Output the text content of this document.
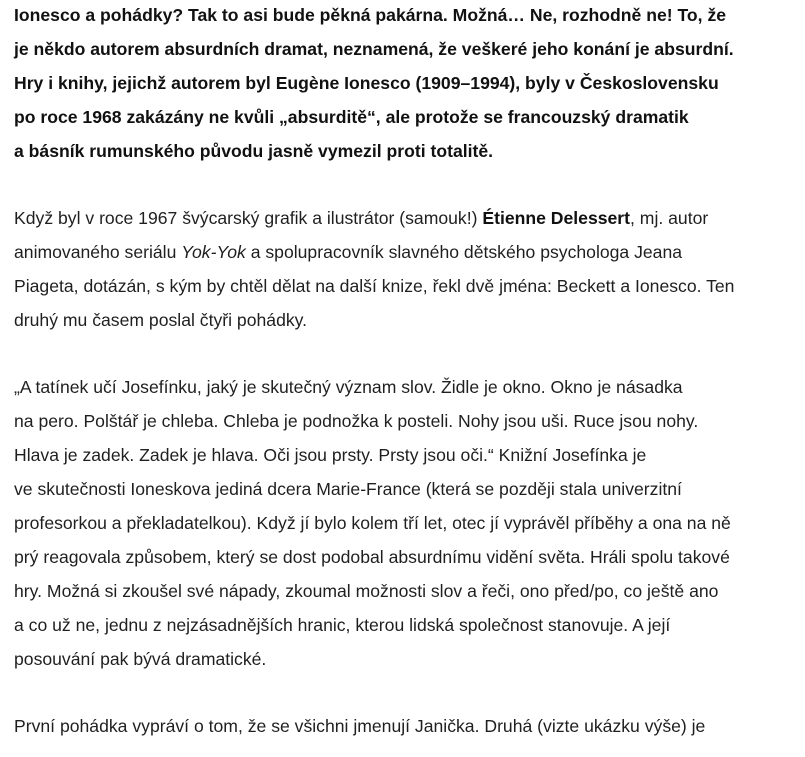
Ionesco a pohádky? Tak to asi bude pěkná pakárna. Možná… Ne, rozhodně ne! To, že
je někdo autorem absurdních dramat, neznamená, že veškeré jeho konání je absurdní.
Hry i knihy, jejichž autorem byl Eugène Ionesco (1909–1994), byly v Československu
po roce 1968 zakázány ne kvůli „absurditě“, ale protože se francouzský dramatik
a básník rumunského původu jasně vymezil proti totalitě.
Když byl v roce 1967 švýcarský grafik a ilustrátor (samouk!) Étienne Delessert, mj. autor
animovaného seriálu Yok-Yok a spolupracovník slavného dětského psychologa Jeana
Piageta, dotázán, s kým by chtěl dělat na další knize, řekl dvě jména: Beckett a Ionesco. Ten
druhý mu časem poslal čtyři pohádky.
„A tatínek učí Josefínku, jaký je skutečný význam slov. Židle je okno. Okno je násadka
na pero. Polštář je chleba. Chleba je podnožka k posteli. Nohy jsou uši. Ruce jsou nohy.
Hlava je zadek. Zadek je hlava. Oči jsou prsty. Prsty jsou oči.“ Knižní Josefínka je
ve skutečnosti Ioneskova jediná dcera Marie-France (která se později stala univerzitní
profesorkou a překladatelkou). Když jí bylo kolem tří let, otec jí vyprávěl příběhy a ona na ně
prý reagovala způsobem, který se dost podobal absurdnímu vidění světa. Hráli spolu takové
hry. Možná si zkoušel své nápady, zkoumal možnosti slov a řeči, ono před/po, co ještě ano
a co už ne, jednu z nejzásadnějších hranic, kterou lidská společnost stanovuje. A její
posouvání pak bývá dramatické.
První pohádka vypráví o tom, že se všichni jmenují Janička. Druhá (vizte ukázku výše) je
